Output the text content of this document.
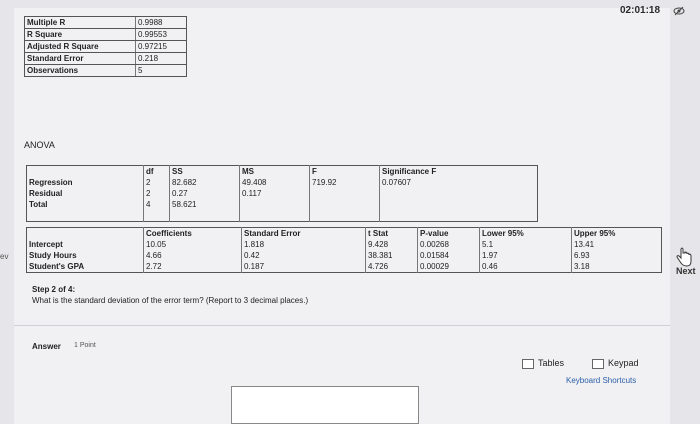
02:01:18
ev
Multiple R	0.9988
R Square	0.99553
Adjusted R Square	0.97215
Standard Error	0.218
Observations	5
ANOVA
	df	SS	MS	F	Significance F
Regression	2	82.682	49.408	719.92	0.07607
Residual	2	0.27	0.117		
Total	4	58.621			

	Coefficients	Standard Error	t Stat	P-value	Lower 95%	Upper 95%
Intercept	10.05	1.818	9.428	0.00268	5.1	13.41
Study Hours	4.66	0.42	38.381	0.01584	1.97	6.93
Student's GPA	2.72	0.187	4.726	0.00029	0.46	3.18
Step 2 of 4:
What is the standard deviation of the error term? (Report to 3 decimal places.)
Answer 1 Point
Tables	Keypad
Keyboard Shortcuts
Next
